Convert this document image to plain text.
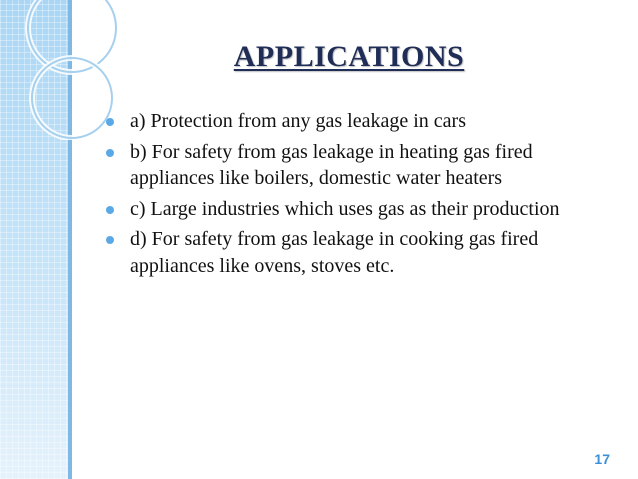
APPLICATIONS
a) Protection from any gas leakage in cars
b) For safety from gas leakage in heating gas fired appliances like boilers, domestic water heaters
c) Large industries which uses gas as their production
d) For safety from gas leakage in cooking gas fired appliances like ovens, stoves etc.
17
